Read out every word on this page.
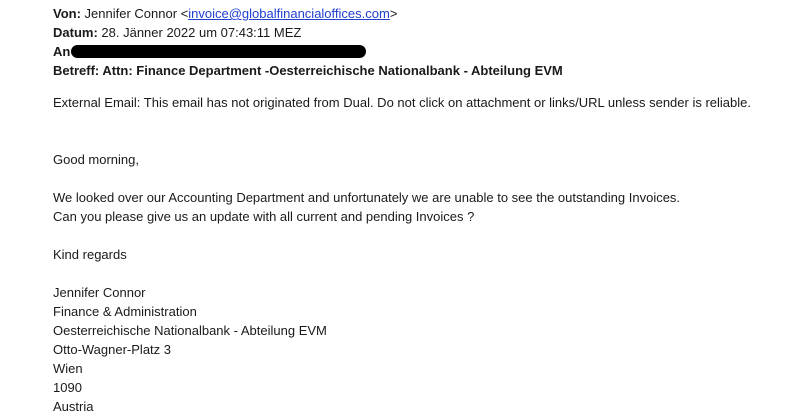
Von: Jennifer Connor <invoice@globalfinancialoffices.com>
Datum: 28. Jänner 2022 um 07:43:11 MEZ
An
Betreff: Attn: Finance Department -Oesterreichische Nationalbank - Abteilung EVM
External Email: This email has not originated from Dual. Do not click on attachment or links/URL unless sender is reliable.
Good morning,
We looked over our Accounting Department and unfortunately we are unable to see the outstanding Invoices.
Can you please give us an update with all current and pending Invoices ?
Kind regards
Jennifer Connor
Finance & Administration
Oesterreichische Nationalbank - Abteilung EVM
Otto-Wagner-Platz 3
Wien
1090
Austria
